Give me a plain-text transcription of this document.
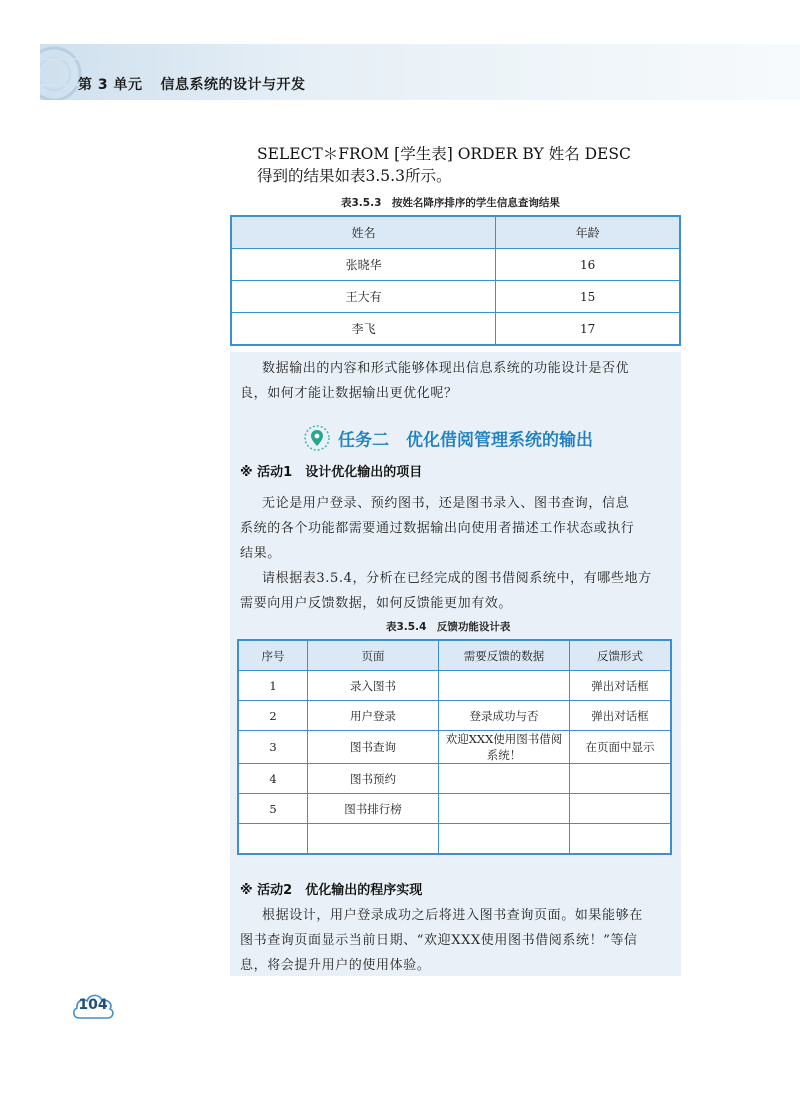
第 3 单元 信息系统的设计与开发
SELECT＊FROM [学生表] ORDER BY 姓名 DESC
得到的结果如表3.5.3所示。
表3.5.3　按姓名降序排序的学生信息查询结果
姓名	年龄
张晓华	16
王大有	15
李飞	17
数据输出的内容和形式能够体现出信息系统的功能设计是否优
良，如何才能让数据输出更优化呢？
任务二　优化借阅管理系统的输出
※ 活动1　设计优化输出的项目
无论是用户登录、预约图书，还是图书录入、图书查询，信息
系统的各个功能都需要通过数据输出向使用者描述工作状态或执行
结果。
请根据表3.5.4，分析在已经完成的图书借阅系统中，有哪些地方
需要向用户反馈数据，如何反馈能更加有效。
表3.5.4　反馈功能设计表
序号	页面	需要反馈的数据	反馈形式
1	录入图书		弹出对话框
2	用户登录	登录成功与否	弹出对话框
3	图书查询	欢迎XXX使用图书借阅系统！	在页面中显示
4	图书预约		
5	图书排行榜		

※ 活动2　优化输出的程序实现
根据设计，用户登录成功之后将进入图书查询页面。如果能够在
图书查询页面显示当前日期、“欢迎XXX使用图书借阅系统！”等信
息，将会提升用户的使用体验。
104
